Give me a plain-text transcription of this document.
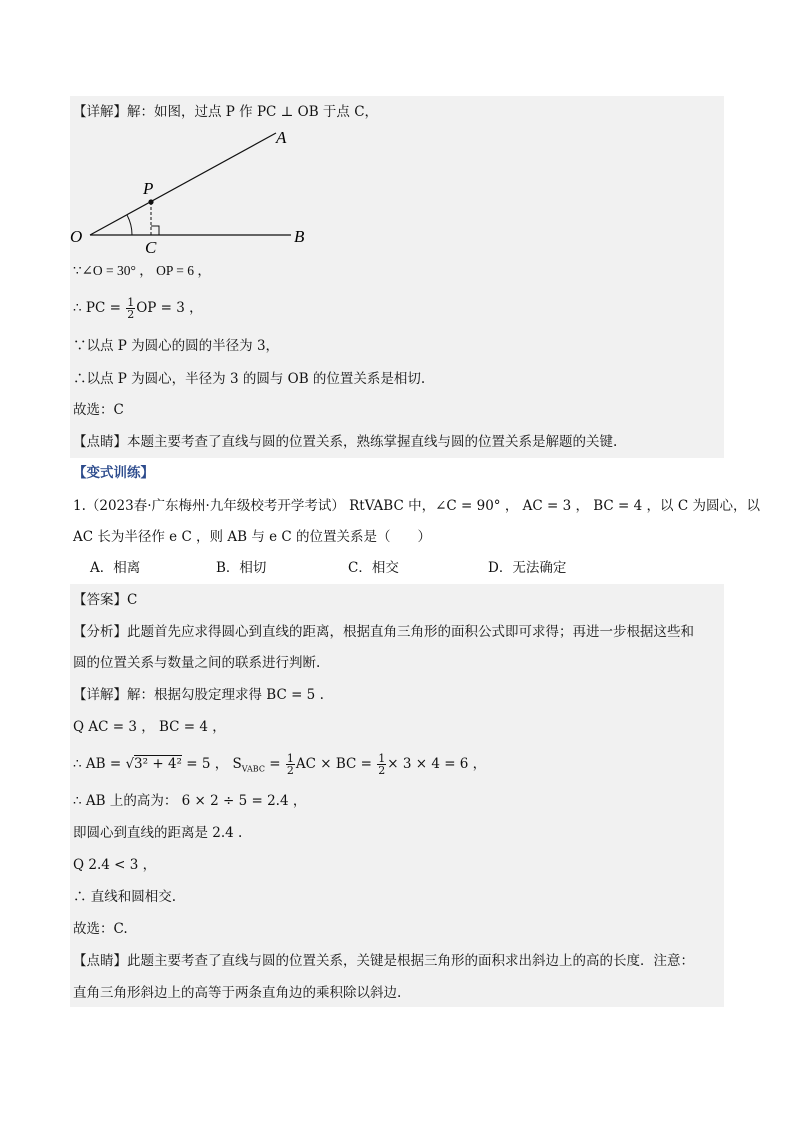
【详解】解：如图，过点 P 作 PC ⊥ OB 于点 C，
O
A
B
P
C
∵∠O = 30° ， OP = 6 ，
∴ PC = $\frac{1}{2}$ OP = 3 ，
∵以点 P 为圆心的圆的半径为 3，
∴以点 P 为圆心，半径为 3 的圆与 OB 的位置关系是相切.
故选：C
【点睛】本题主要考查了直线与圆的位置关系，熟练掌握直线与圆的位置关系是解题的关键.
【变式训练】
1.（2023春·广东梅州·九年级校考开学考试） RtVABC 中，∠C = 90° ， AC = 3 ， BC = 4 ，以 C 为圆心，以
AC 长为半径作 e C ，则 AB 与 e C 的位置关系是（　　）
A．相离	B．相切	C．相交	D．无法确定
【答案】C
【分析】此题首先应求得圆心到直线的距离，根据直角三角形的面积公式即可求得；再进一步根据这些和
圆的位置关系与数量之间的联系进行判断.
【详解】解：根据勾股定理求得 BC = 5 .
Q AC = 3 ， BC = 4 ，
∴ AB = √3² + 4² = 5 ， $S_{VABC} = \frac{1}{2}$ AC × BC = $\frac{1}{2} \times 3 \times 4 = 6$ ，
∴ AB 上的高为： 6 × 2 ÷ 5 = 2.4 ，
即圆心到直线的距离是 2.4 .
Q 2.4 < 3 ，
∴ 直线和圆相交.
故选：C.
【点睛】此题主要考查了直线与圆的位置关系，关键是根据三角形的面积求出斜边上的高的长度．注意：
直角三角形斜边上的高等于两条直角边的乘积除以斜边.
